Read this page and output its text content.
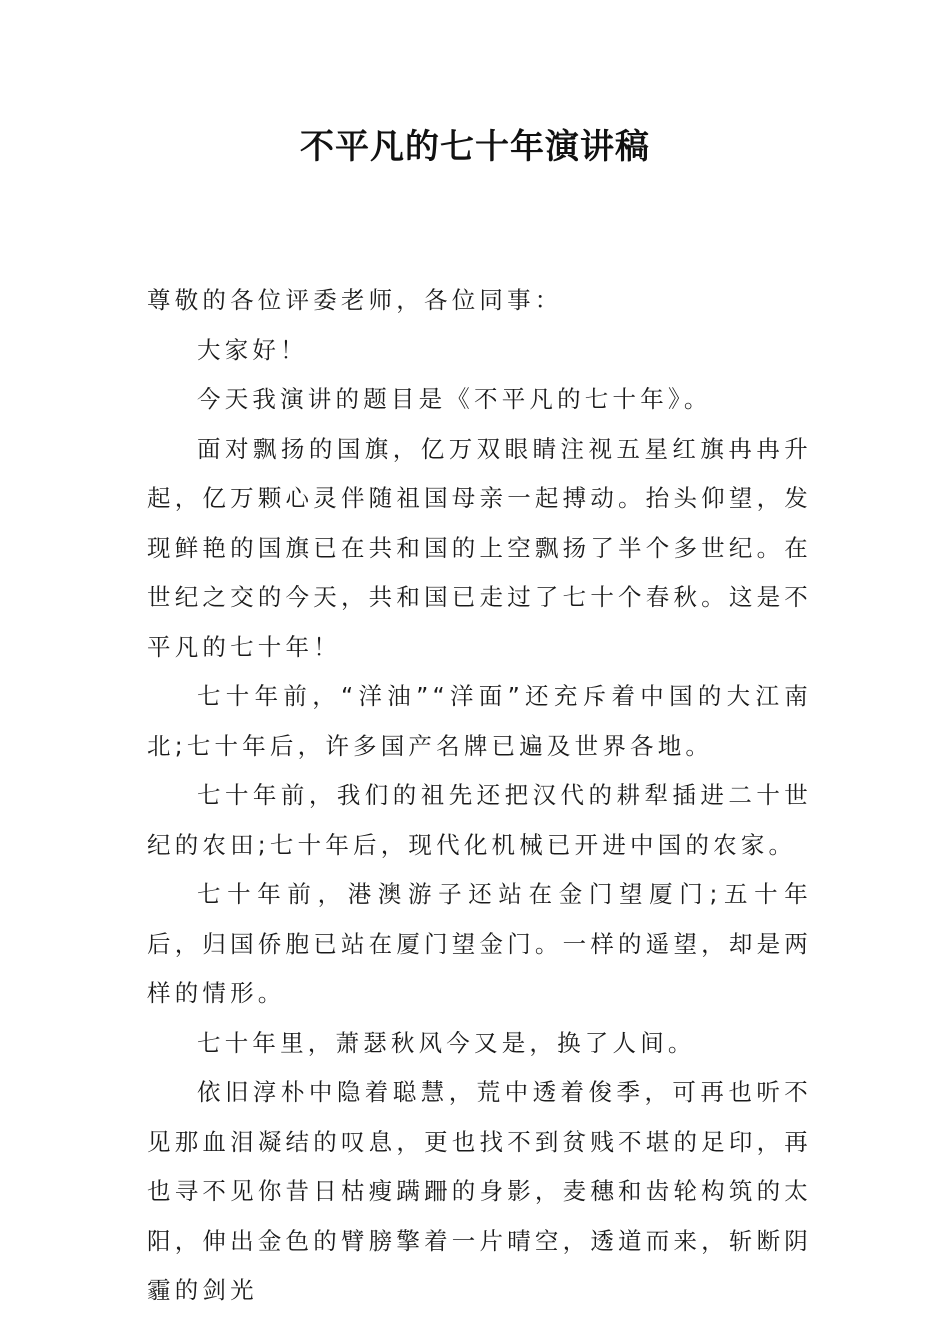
不平凡的七十年演讲稿

尊敬的各位评委老师，各位同事：

大家好！

今天我演讲的题目是《不平凡的七十年》。

面对飘扬的国旗，亿万双眼睛注视五星红旗冉冉升起，亿万颗心灵伴随祖国母亲一起搏动。抬头仰望，发现鲜艳的国旗已在共和国的上空飘扬了半个多世纪。在世纪之交的今天，共和国已走过了七十个春秋。这是不平凡的七十年！

七十年前，“洋油”“洋面”还充斥着中国的大江南北;七十年后，许多国产名牌已遍及世界各地。

七十年前，我们的祖先还把汉代的耕犁插进二十世纪的农田;七十年后，现代化机械已开进中国的农家。

七十年前，港澳游子还站在金门望厦门;五十年后，归国侨胞已站在厦门望金门。一样的遥望，却是两样的情形。

七十年里，萧瑟秋风今又是，换了人间。

依旧淳朴中隐着聪慧，荒中透着俊季，可再也听不见那血泪凝结的叹息，更也找不到贫贱不堪的足印，再也寻不见你昔日枯瘦蹒跚的身影，麦穗和齿轮构筑的太阳，伸出金色的臂膀擎着一片晴空，透道而来，斩断阴霾的剑光
